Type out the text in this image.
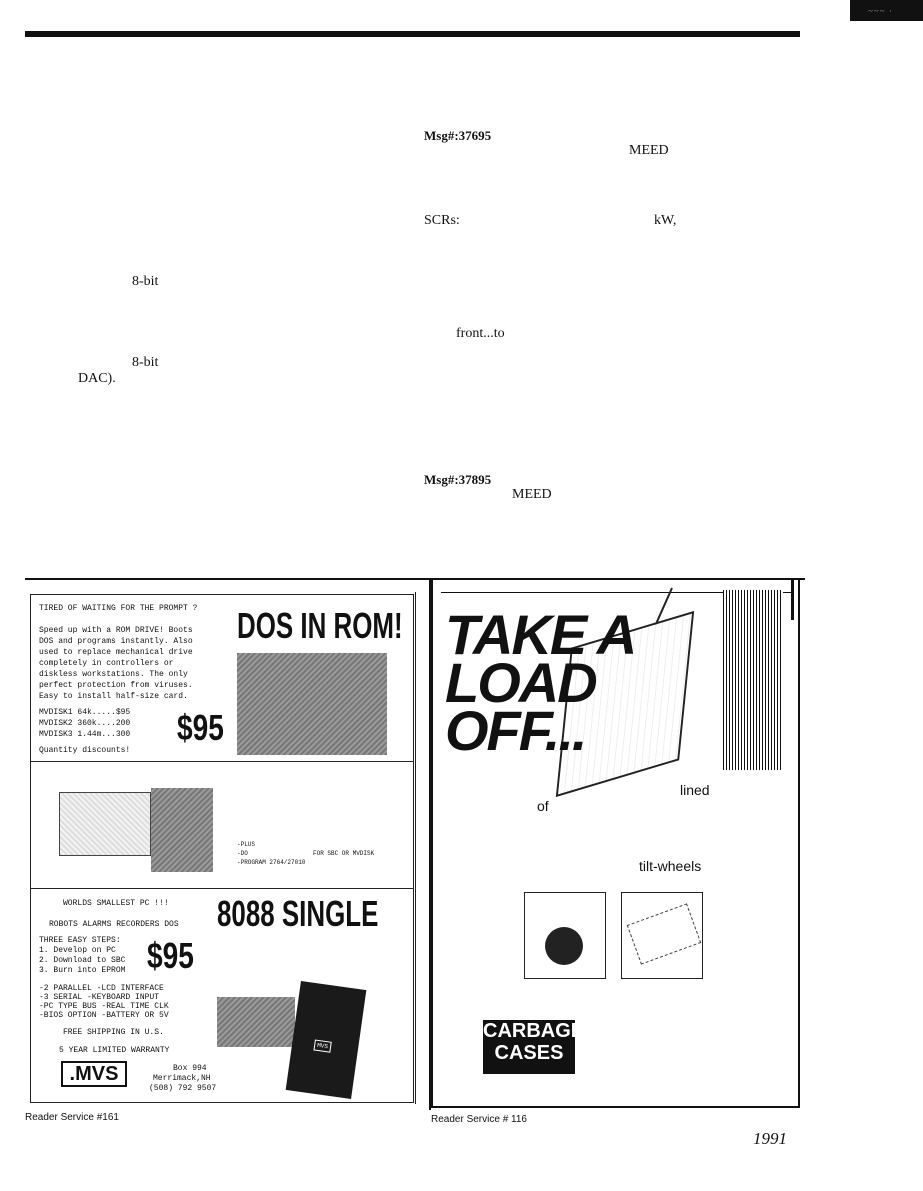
~~~ ·
8-bit
8-bit
DAC).
Msg#:37695
MEED
SCRs:	kW,
front...to
Msg#:37895
MEED
TIRED OF WAITING FOR THE PROMPT ?
Speed up with a ROM DRIVE! Boots
DOS and programs instantly. Also
used to replace mechanical drive
completely in controllers or
diskless workstations. The only
perfect protection from viruses.
Easy to install half-size card.
DOS IN ROM!
MVDISK1 64k.....$95
MVDISK2 360k....200
MVDISK3 1.44m...300 $95
Quantity discounts!
-PLUS
-DO
-PROGRAM 2764/27010
FOR SBC OR MVDISK
WORLDS SMALLEST PC !!! 8088 SINGLE
ROBOTS ALARMS RECORDERS DOS
THREE EASY STEPS:
1. Develop on PC
2. Download to SBC
3. Burn into EPROM $95
-2 PARALLEL -LCD INTERFACE
-3 SERIAL -KEYBOARD INPUT
-PC TYPE BUS -REAL TIME CLK
-BIOS OPTION -BATTERY OR 5V
FREE SHIPPING IN U.S.
5 YEAR LIMITED WARRANTY
.MVS	Box 994
Merrimack,NH
(508) 792 9507
MVS
Reader Service #161
TAKE A
LOAD
OFF...
lined
of
tilt-wheels
CARBAGE
CASES
Reader Service # 116
1991
